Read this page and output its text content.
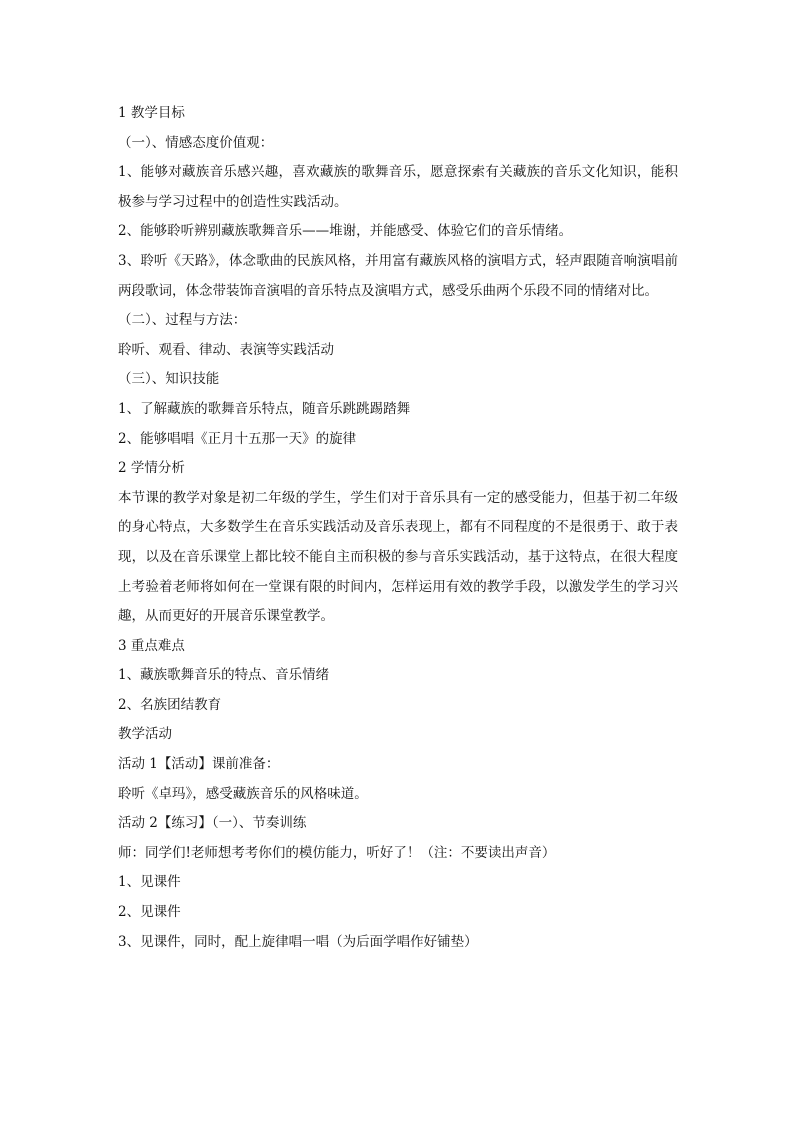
1 教学目标

（一）、情感态度价值观：

1、能够对藏族音乐感兴趣，喜欢藏族的歌舞音乐，愿意探索有关藏族的音乐文化知识，能积极参与学习过程中的创造性实践活动。

2、能够聆听辨别藏族歌舞音乐——堆谢，并能感受、体验它们的音乐情绪。

3、聆听《天路》，体念歌曲的民族风格，并用富有藏族风格的演唱方式，轻声跟随音响演唱前两段歌词，体念带装饰音演唱的音乐特点及演唱方式，感受乐曲两个乐段不同的情绪对比。

（二）、过程与方法：

聆听、观看、律动、表演等实践活动

（三）、知识技能

1、了解藏族的歌舞音乐特点，随音乐跳跳踢踏舞

2、能够唱唱《正月十五那一天》的旋律

2 学情分析

本节课的教学对象是初二年级的学生，学生们对于音乐具有一定的感受能力，但基于初二年级的身心特点，大多数学生在音乐实践活动及音乐表现上，都有不同程度的不是很勇于、敢于表现，以及在音乐课堂上都比较不能自主而积极的参与音乐实践活动，基于这特点，在很大程度上考验着老师将如何在一堂课有限的时间内，怎样运用有效的教学手段，以激发学生的学习兴趣，从而更好的开展音乐课堂教学。

3 重点难点

1、藏族歌舞音乐的特点、音乐情绪

2、名族团结教育

教学活动

活动 1【活动】课前准备：

聆听《卓玛》，感受藏族音乐的风格味道。

活动 2【练习】（一）、节奏训练

师：同学们!老师想考考你们的模仿能力，听好了！（注：不要读出声音）

1、见课件

2、见课件

3、见课件，同时，配上旋律唱一唱（为后面学唱作好铺垫）
